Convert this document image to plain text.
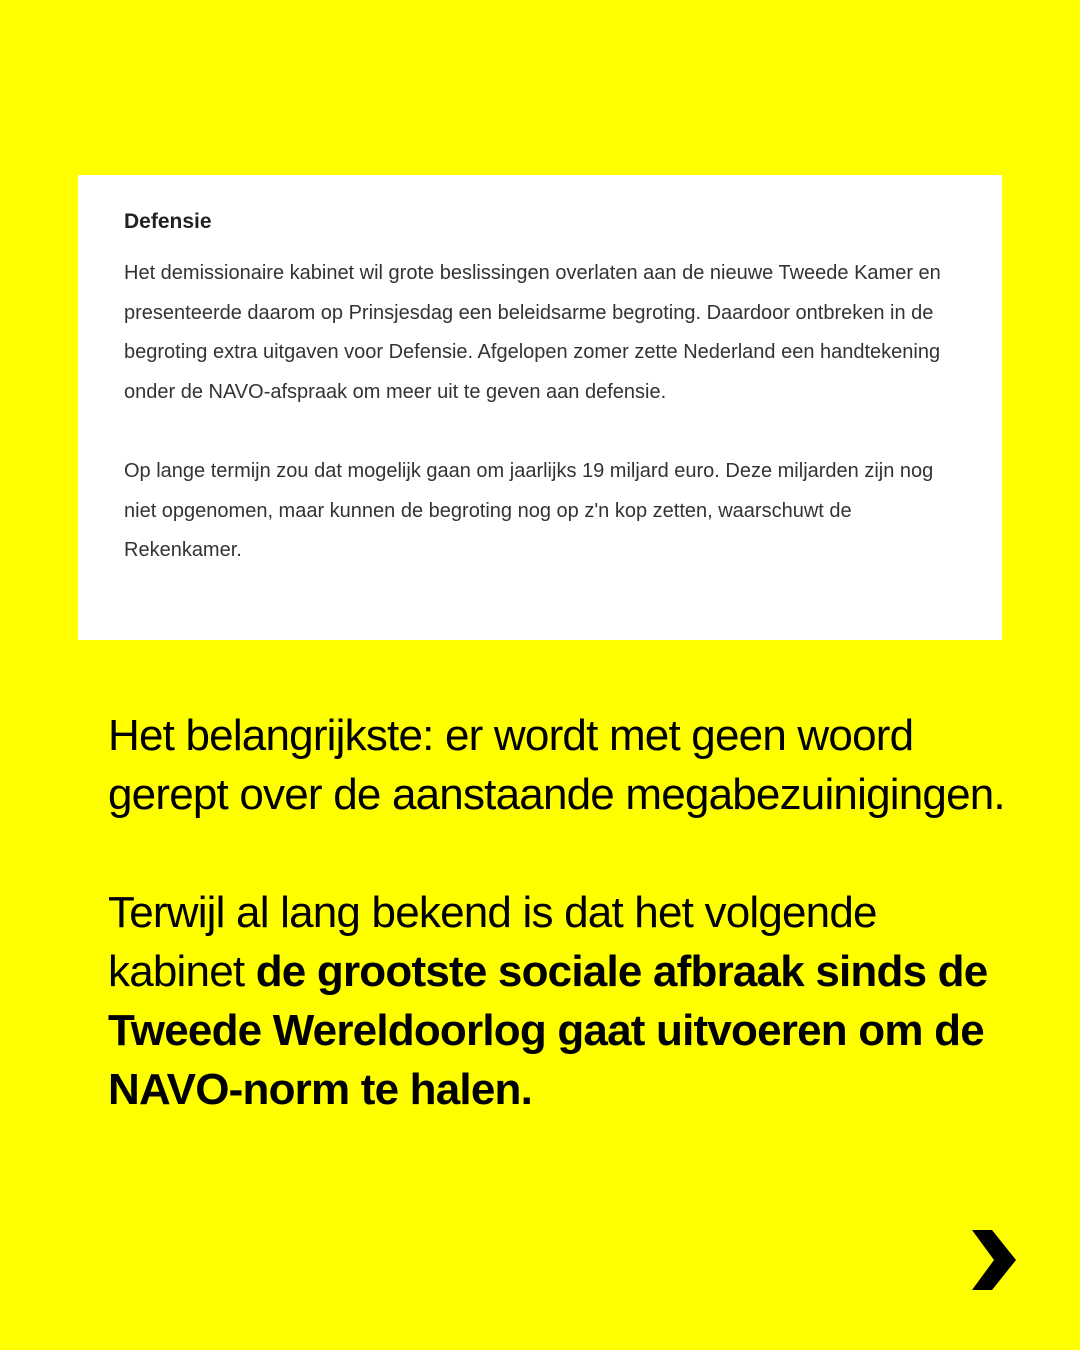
Defensie

Het demissionaire kabinet wil grote beslissingen overlaten aan de nieuwe Tweede Kamer en presenteerde daarom op Prinsjesdag een beleidsarme begroting. Daardoor ontbreken in de begroting extra uitgaven voor Defensie. Afgelopen zomer zette Nederland een handtekening onder de NAVO-afspraak om meer uit te geven aan defensie.

Op lange termijn zou dat mogelijk gaan om jaarlijks 19 miljard euro. Deze miljarden zijn nog niet opgenomen, maar kunnen de begroting nog op z'n kop zetten, waarschuwt de Rekenkamer.

Het belangrijkste: er wordt met geen woord gerept over de aanstaande megabezuinigingen.

Terwijl al lang bekend is dat het volgende kabinet de grootste sociale afbraak sinds de Tweede Wereldoorlog gaat uitvoeren om de NAVO-norm te halen.
